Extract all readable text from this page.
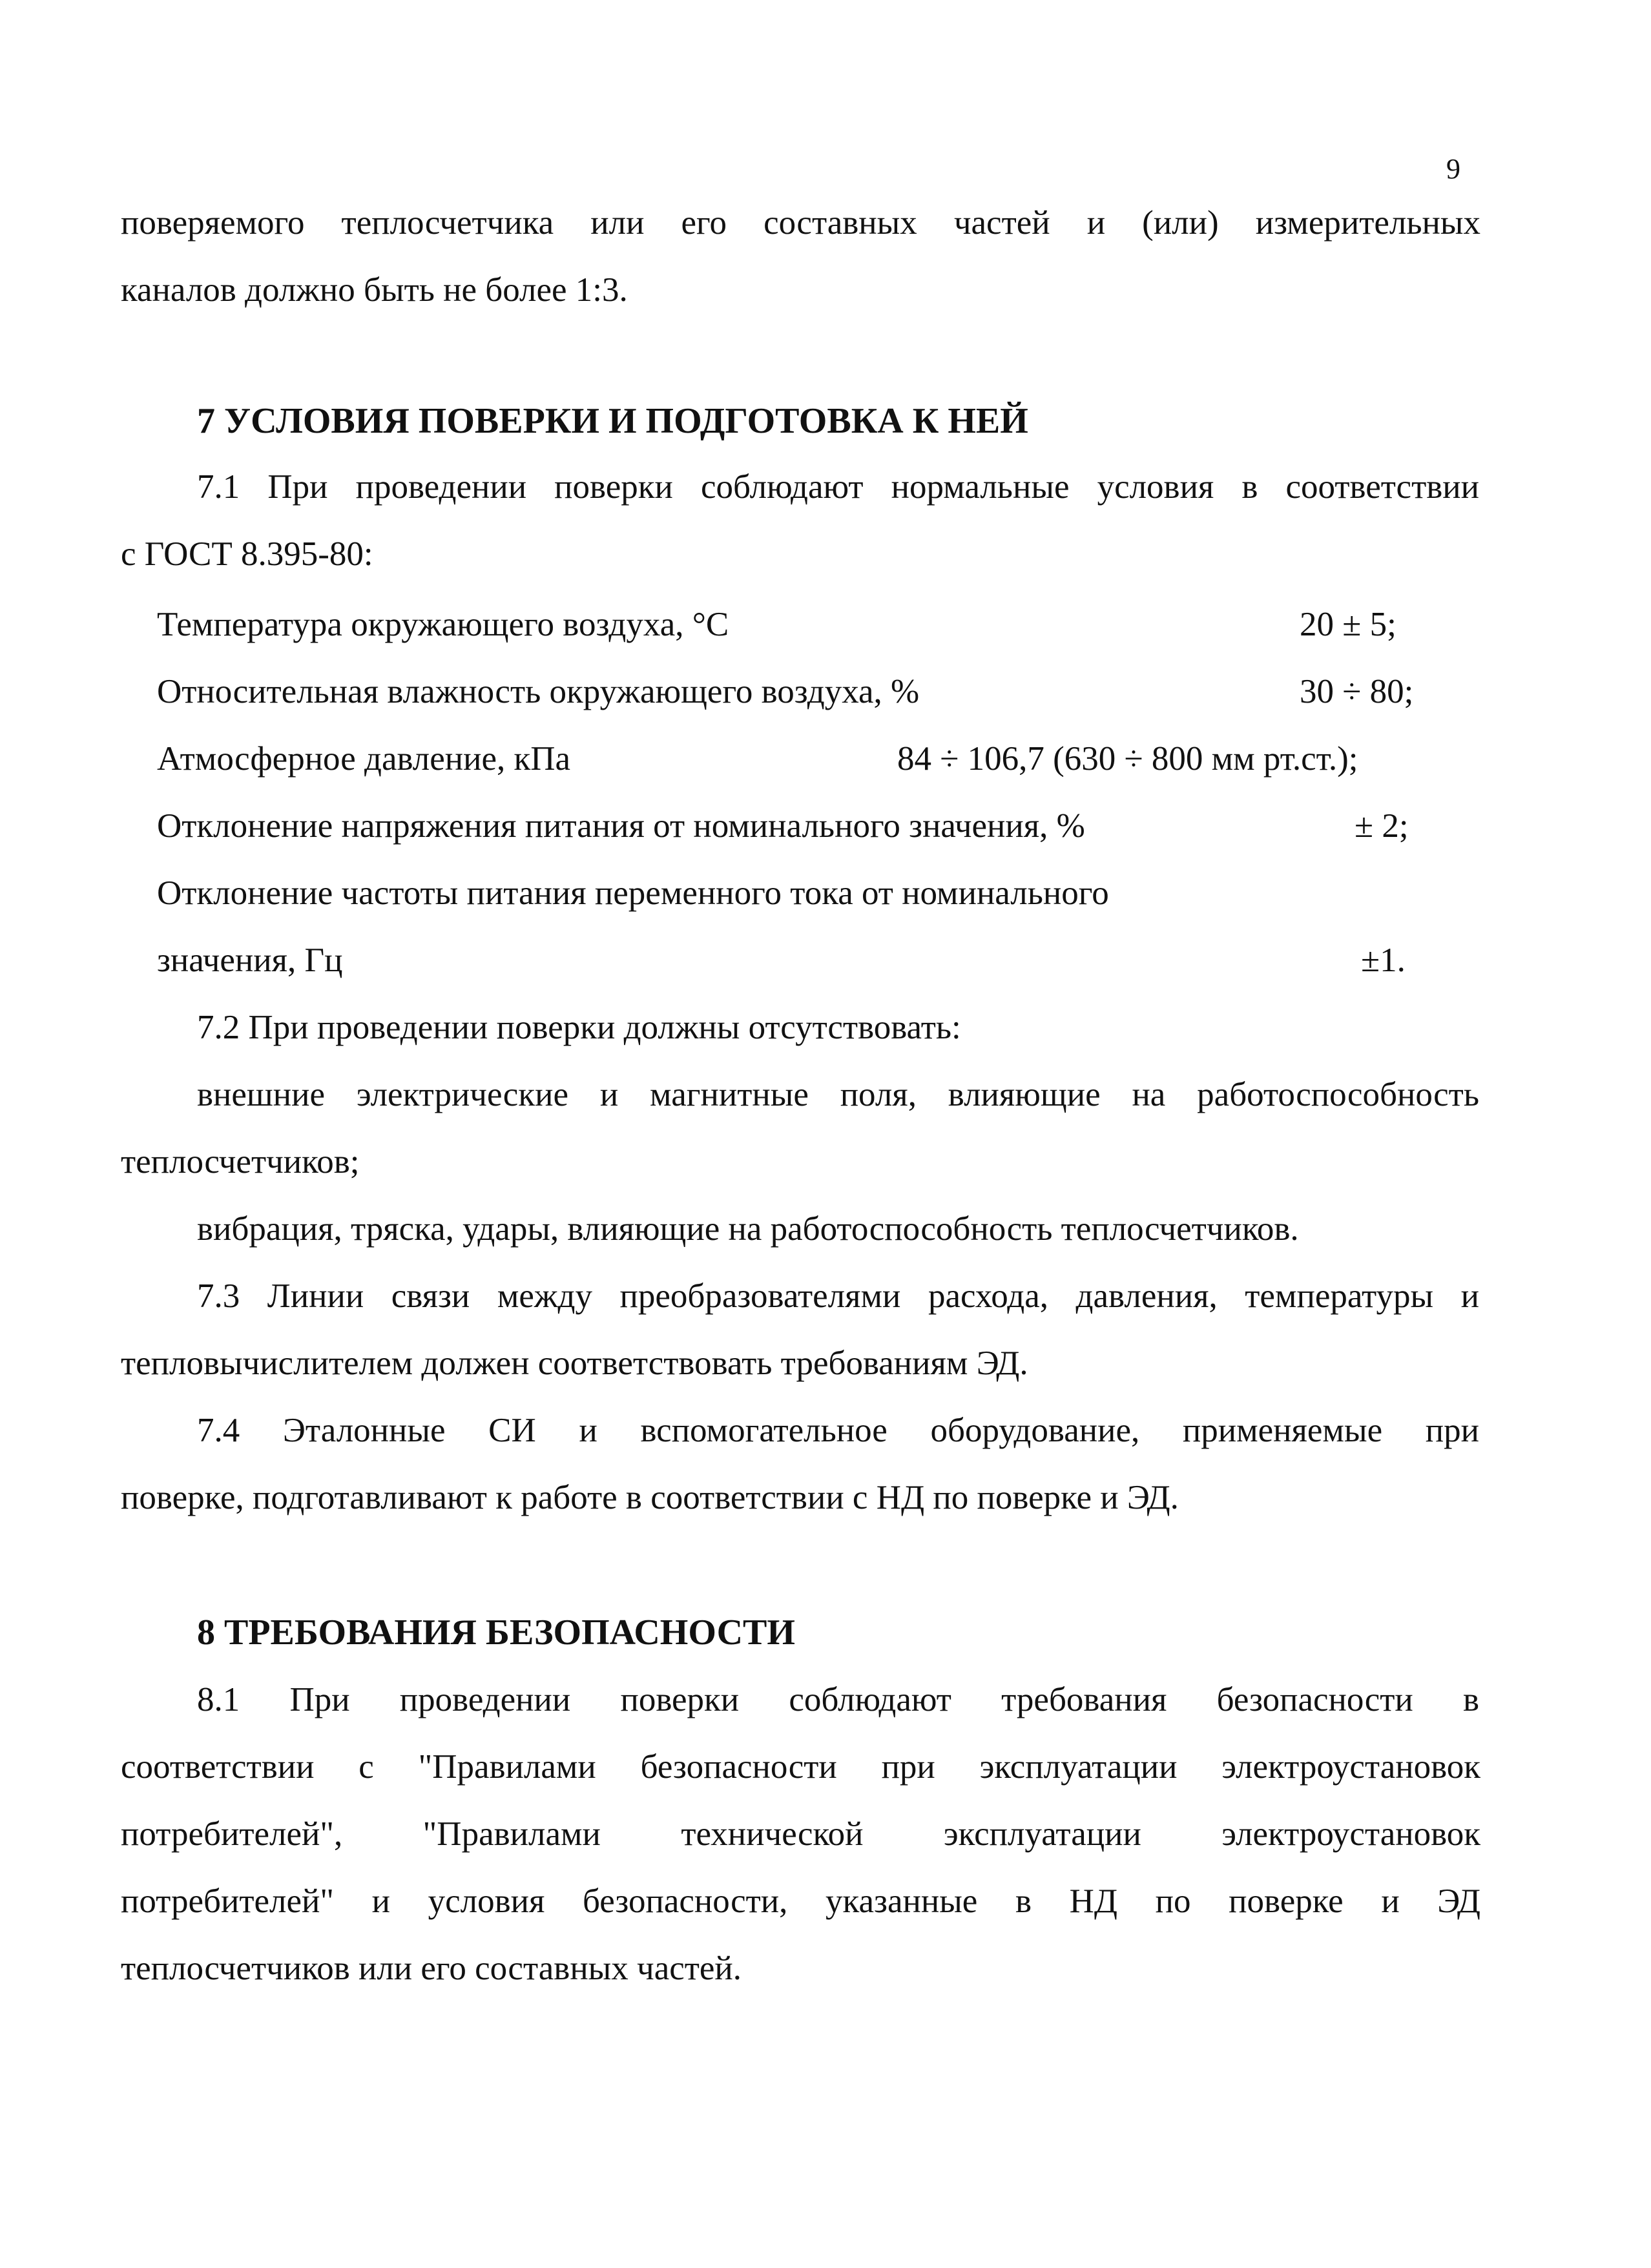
9
поверяемого теплосчетчика или его составных частей и (или) измерительных
каналов должно быть не более 1:3.
7 УСЛОВИЯ ПОВЕРКИ И ПОДГОТОВКА К НЕЙ
7.1 При проведении поверки соблюдают нормальные условия в соответствии
с ГОСТ 8.395-80:
Температура окружающего воздуха, °С	20 ± 5;
Относительная влажность окружающего воздуха, %	30 ÷ 80;
Атмосферное давление, кПа	84 ÷ 106,7 (630 ÷ 800 мм рт.ст.);
Отклонение напряжения питания от номинального значения, %	± 2;
Отклонение частоты питания переменного тока от номинального
значения, Гц	±1.
7.2 При проведении поверки должны отсутствовать:
внешние электрические и магнитные поля, влияющие на работоспособность
теплосчетчиков;
вибрация, тряска, удары, влияющие на работоспособность теплосчетчиков.
7.3 Линии связи между преобразователями расхода, давления, температуры и
тепловычислителем должен соответствовать требованиям ЭД.
7.4 Эталонные СИ и вспомогательное оборудование, применяемые при
поверке, подготавливают к работе в соответствии с НД по поверке и ЭД.
8 ТРЕБОВАНИЯ БЕЗОПАСНОСТИ
8.1 При проведении поверки соблюдают требования безопасности в
соответствии с "Правилами безопасности при эксплуатации электроустановок
потребителей", "Правилами технической эксплуатации электроустановок
потребителей" и условия безопасности, указанные в НД по поверке и ЭД
теплосчетчиков или его составных частей.
